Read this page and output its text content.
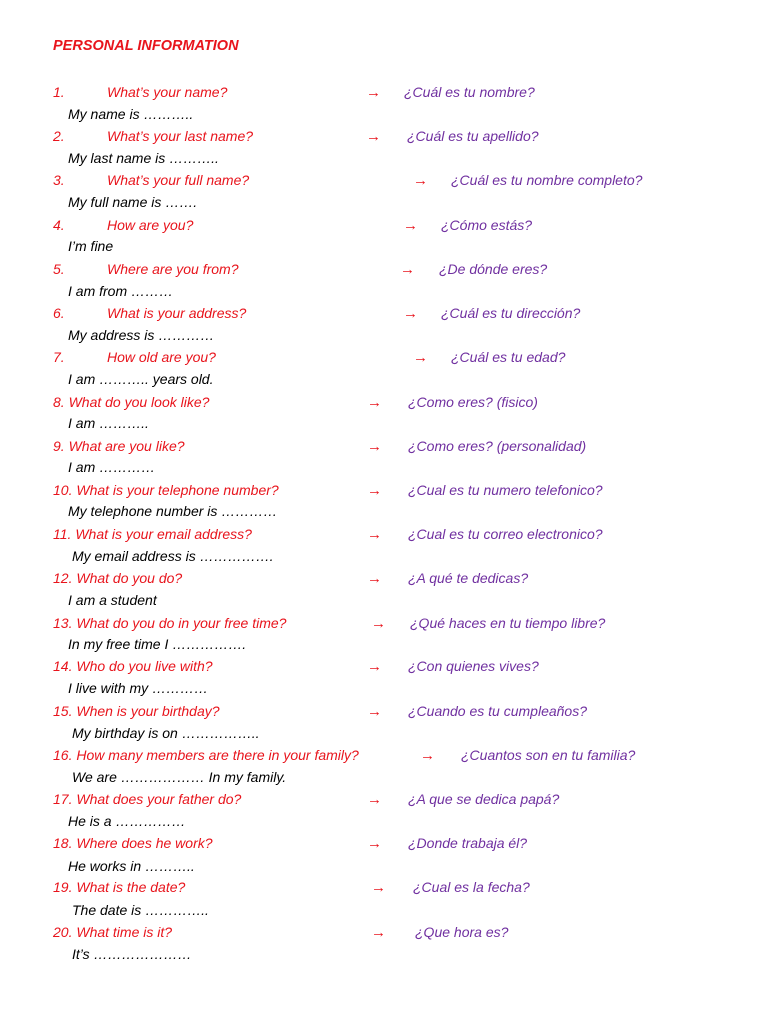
PERSONAL INFORMATION
1.	What’s your name?	→ ¿Cuál es tu nombre?
My name is ………..
2.	What’s your last name?	→ ¿Cuál es tu apellido?
My last name is ………..
3.	What’s your full name?	→ ¿Cuál es tu nombre completo?
My full name is …….
4.	How are you?	→ ¿Cómo estás?
I’m fine
5.	Where are you from?	→ ¿De dónde eres?
I am from ………
6.	What is your address?	→ ¿Cuál es tu dirección?
My address is …………
7.	How old are you?	→ ¿Cuál es tu edad?
I am ……….. years old.
8. What do you look like?	→ ¿Como eres? (fisico)
I am ………..
9. What are you like?	→ ¿Como eres? (personalidad)
I am …………
10. What is your telephone number?	→ ¿Cual es tu numero telefonico?
My telephone number is …………
11. What is your email address?	→ ¿Cual es tu correo electronico?
My email address is …………….
12. What do you do?	→ ¿A qué te dedicas?
I am a student
13. What do you do in your free time?	→ ¿Qué haces en tu tiempo libre?
In my free time I …………….
14. Who do you live with?	→ ¿Con quienes vives?
I live with my …………
15. When is your birthday?	→ ¿Cuando es tu cumpleaños?
My birthday is on ……………..
16. How many members are there in your family?	→ ¿Cuantos son en tu familia?
We are ……………… In my family.
17. What does your father do?	→ ¿A que se dedica papá?
He is a ……………
18. Where does he work?	→ ¿Donde trabaja él?
He works in ………..
19. What is the date?	→ ¿Cual es la fecha?
The date is …………..
20. What time is it?	→ ¿Que hora es?
It’s …………………
